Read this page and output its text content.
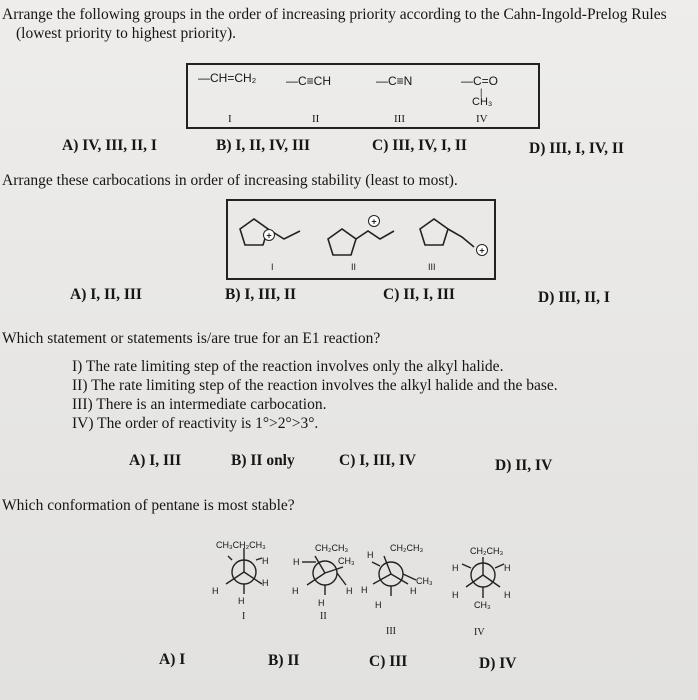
Arrange the following groups in the order of increasing priority according to the Cahn-Ingold-Prelog Rules
(lowest priority to highest priority).
—CH=CH₂ —C≡CH	—C≡N	—C=O
|
CH₃
I	II	III	IV
A) IV, III, II, I	B) I, II, IV, III	C) III, IV, I, II	D) III, I, IV, II
Arrange these carbocations in order of increasing stability (least to most).
+
+
+
I	II	III
A) I, II, III	B) I, III, II	C) II, I, III	D) III, II, I
Which statement or statements is/are true for an E1 reaction?
I) The rate limiting step of the reaction involves only the alkyl halide.
II) The rate limiting step of the reaction involves the alkyl halide and the base.
III) There is an intermediate carbocation.
IV) The order of reactivity is 1°>2°>3°.
A) I, III	B) II only	C) I, III, IV	D) II, IV
Which conformation of pentane is most stable?
CH₃CH₂CH₃
H
H
H
H
I
CH₂CH₃
H	CH₃
H	H
H
II
CH₂CH₃
H
CH₃
H	H
H
III
CH₂CH₃
H	H
H	H
CH₃
IV
A) I	B) II	C) III	D) IV
